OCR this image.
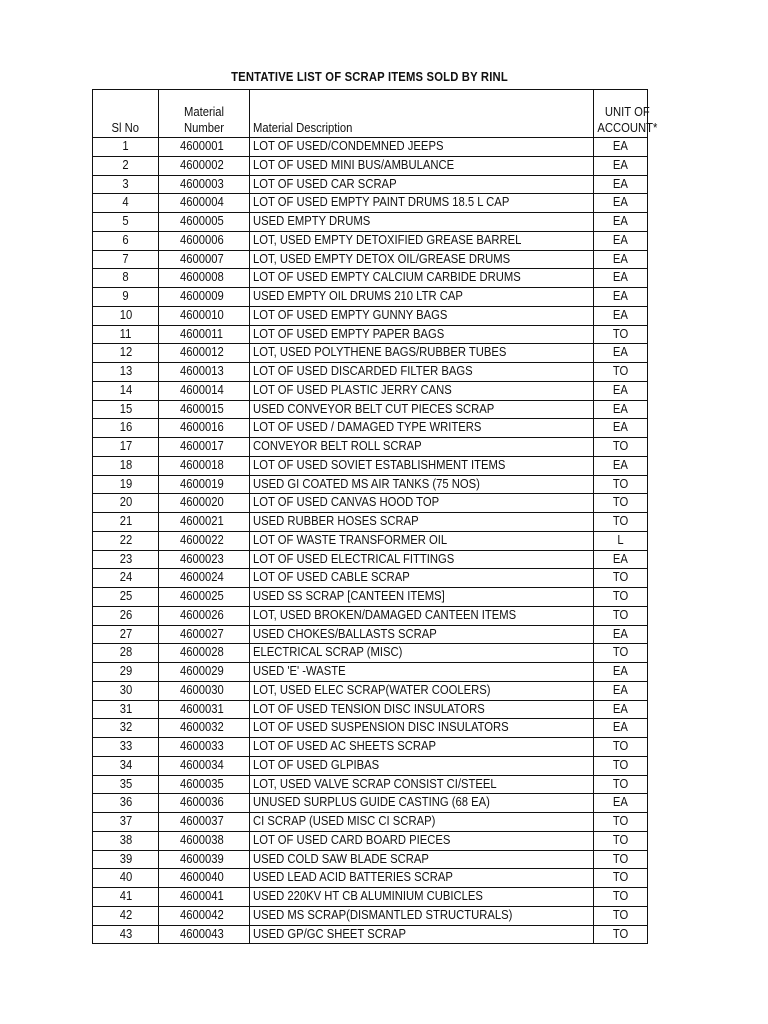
TENTATIVE LIST OF SCRAP ITEMS SOLD BY RINL
Sl No	Material Number	Material Description	UNIT OF ACCOUNT*
1	4600001	LOT OF USED/CONDEMNED JEEPS	EA
2	4600002	LOT OF USED MINI BUS/AMBULANCE	EA
3	4600003	LOT OF USED CAR SCRAP	EA
4	4600004	LOT OF USED EMPTY PAINT DRUMS 18.5 L CAP	EA
5	4600005	USED EMPTY DRUMS	EA
6	4600006	LOT, USED EMPTY DETOXIFIED GREASE BARREL	EA
7	4600007	LOT, USED EMPTY DETOX OIL/GREASE DRUMS	EA
8	4600008	LOT OF USED EMPTY CALCIUM CARBIDE DRUMS	EA
9	4600009	USED EMPTY OIL DRUMS 210 LTR CAP	EA
10	4600010	LOT OF USED EMPTY GUNNY BAGS	EA
11	4600011	LOT OF USED EMPTY PAPER BAGS	TO
12	4600012	LOT, USED POLYTHENE BAGS/RUBBER TUBES	EA
13	4600013	LOT OF USED DISCARDED FILTER BAGS	TO
14	4600014	LOT OF USED PLASTIC JERRY CANS	EA
15	4600015	USED CONVEYOR BELT CUT PIECES SCRAP	EA
16	4600016	LOT OF USED / DAMAGED TYPE WRITERS	EA
17	4600017	CONVEYOR BELT ROLL SCRAP	TO
18	4600018	LOT OF USED SOVIET ESTABLISHMENT ITEMS	EA
19	4600019	USED GI COATED MS AIR TANKS (75 NOS)	TO
20	4600020	LOT OF USED CANVAS HOOD TOP	TO
21	4600021	USED RUBBER HOSES SCRAP	TO
22	4600022	LOT OF WASTE TRANSFORMER OIL	L
23	4600023	LOT OF USED ELECTRICAL FITTINGS	EA
24	4600024	LOT OF USED CABLE SCRAP	TO
25	4600025	USED SS SCRAP [CANTEEN ITEMS]	TO
26	4600026	LOT, USED BROKEN/DAMAGED CANTEEN ITEMS	TO
27	4600027	USED CHOKES/BALLASTS SCRAP	EA
28	4600028	ELECTRICAL SCRAP (MISC)	TO
29	4600029	USED 'E' -WASTE	EA
30	4600030	LOT, USED ELEC SCRAP(WATER COOLERS)	EA
31	4600031	LOT OF USED TENSION DISC INSULATORS	EA
32	4600032	LOT OF USED SUSPENSION DISC INSULATORS	EA
33	4600033	LOT OF USED AC SHEETS SCRAP	TO
34	4600034	LOT OF USED GLPIBAS	TO
35	4600035	LOT, USED VALVE SCRAP CONSIST CI/STEEL	TO
36	4600036	UNUSED SURPLUS GUIDE CASTING (68 EA)	EA
37	4600037	CI SCRAP (USED MISC CI SCRAP)	TO
38	4600038	LOT OF USED CARD BOARD PIECES	TO
39	4600039	USED COLD SAW BLADE SCRAP	TO
40	4600040	USED LEAD ACID BATTERIES SCRAP	TO
41	4600041	USED 220KV HT CB ALUMINIUM CUBICLES	TO
42	4600042	USED MS SCRAP(DISMANTLED STRUCTURALS)	TO
43	4600043	USED GP/GC SHEET SCRAP	TO
